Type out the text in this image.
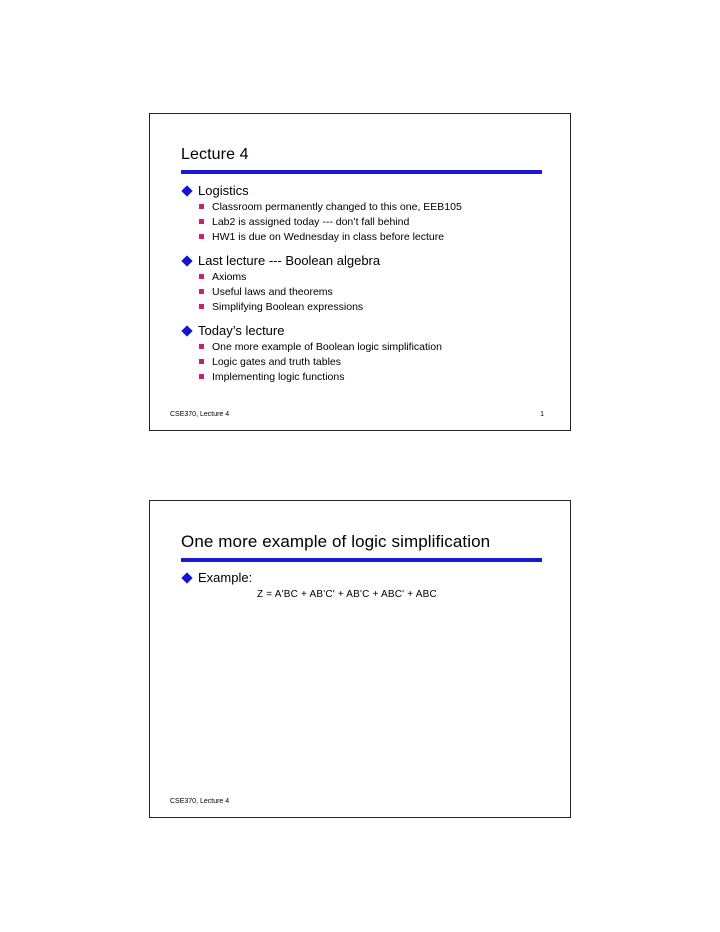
Lecture 4
Logistics
Classroom permanently changed to this one, EEB105
Lab2 is assigned today --- don’t fall behind
HW1 is due on Wednesday in class before lecture
Last lecture --- Boolean algebra
Axioms
Useful laws and theorems
Simplifying Boolean expressions
Today’s lecture
One more example of Boolean logic simplification
Logic gates and truth tables
Implementing logic functions
CSE370, Lecture 4	1
One more example of logic simplification
Example:
Z = A'BC + AB'C' + AB'C + ABC' + ABC
CSE370, Lecture 4
